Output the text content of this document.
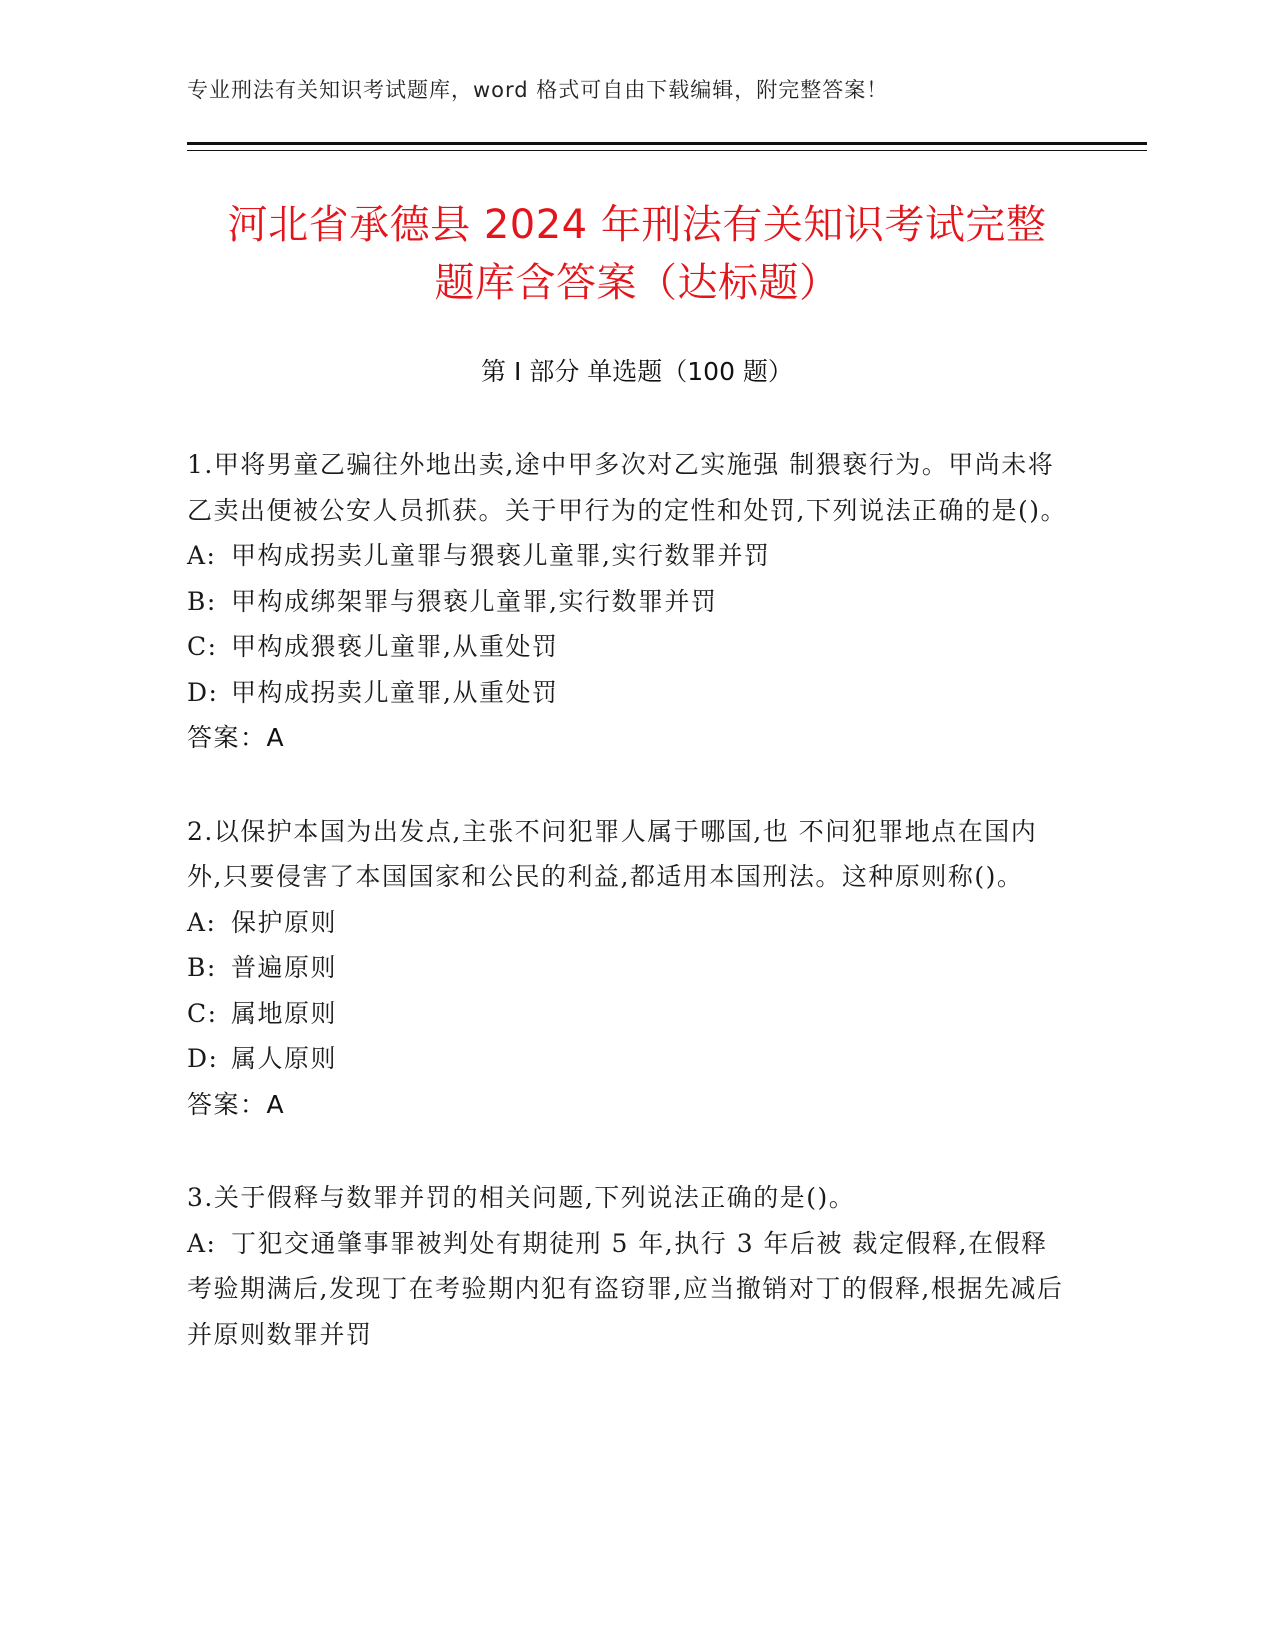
专业刑法有关知识考试题库，word 格式可自由下载编辑，附完整答案！
河北省承德县 2024 年刑法有关知识考试完整
题库含答案（达标题）
第 I 部分 单选题（100 题）

1.甲将男童乙骗往外地出卖,途中甲多次对乙实施强 制猥亵行为。甲尚未将乙卖出便被公安人员抓获。关于甲行为的定性和处罚,下列说法正确的是()。

A: 甲构成拐卖儿童罪与猥亵儿童罪,实行数罪并罚

B: 甲构成绑架罪与猥亵儿童罪,实行数罪并罚

C: 甲构成猥亵儿童罪,从重处罚

D: 甲构成拐卖儿童罪,从重处罚

答案：A

2.以保护本国为出发点,主张不问犯罪人属于哪国,也 不问犯罪地点在国内外,只要侵害了本国国家和公民的利益,都适用本国刑法。这种原则称()。

A: 保护原则

B: 普遍原则

C: 属地原则

D: 属人原则

答案：A

3.关于假释与数罪并罚的相关问题,下列说法正确的是()。

A: 丁犯交通肇事罪被判处有期徒刑 5 年,执行 3 年后被 裁定假释,在假释考验期满后,发现丁在考验期内犯有盗窃罪,应当撤销对丁的假释,根据先减后并原则数罪并罚
